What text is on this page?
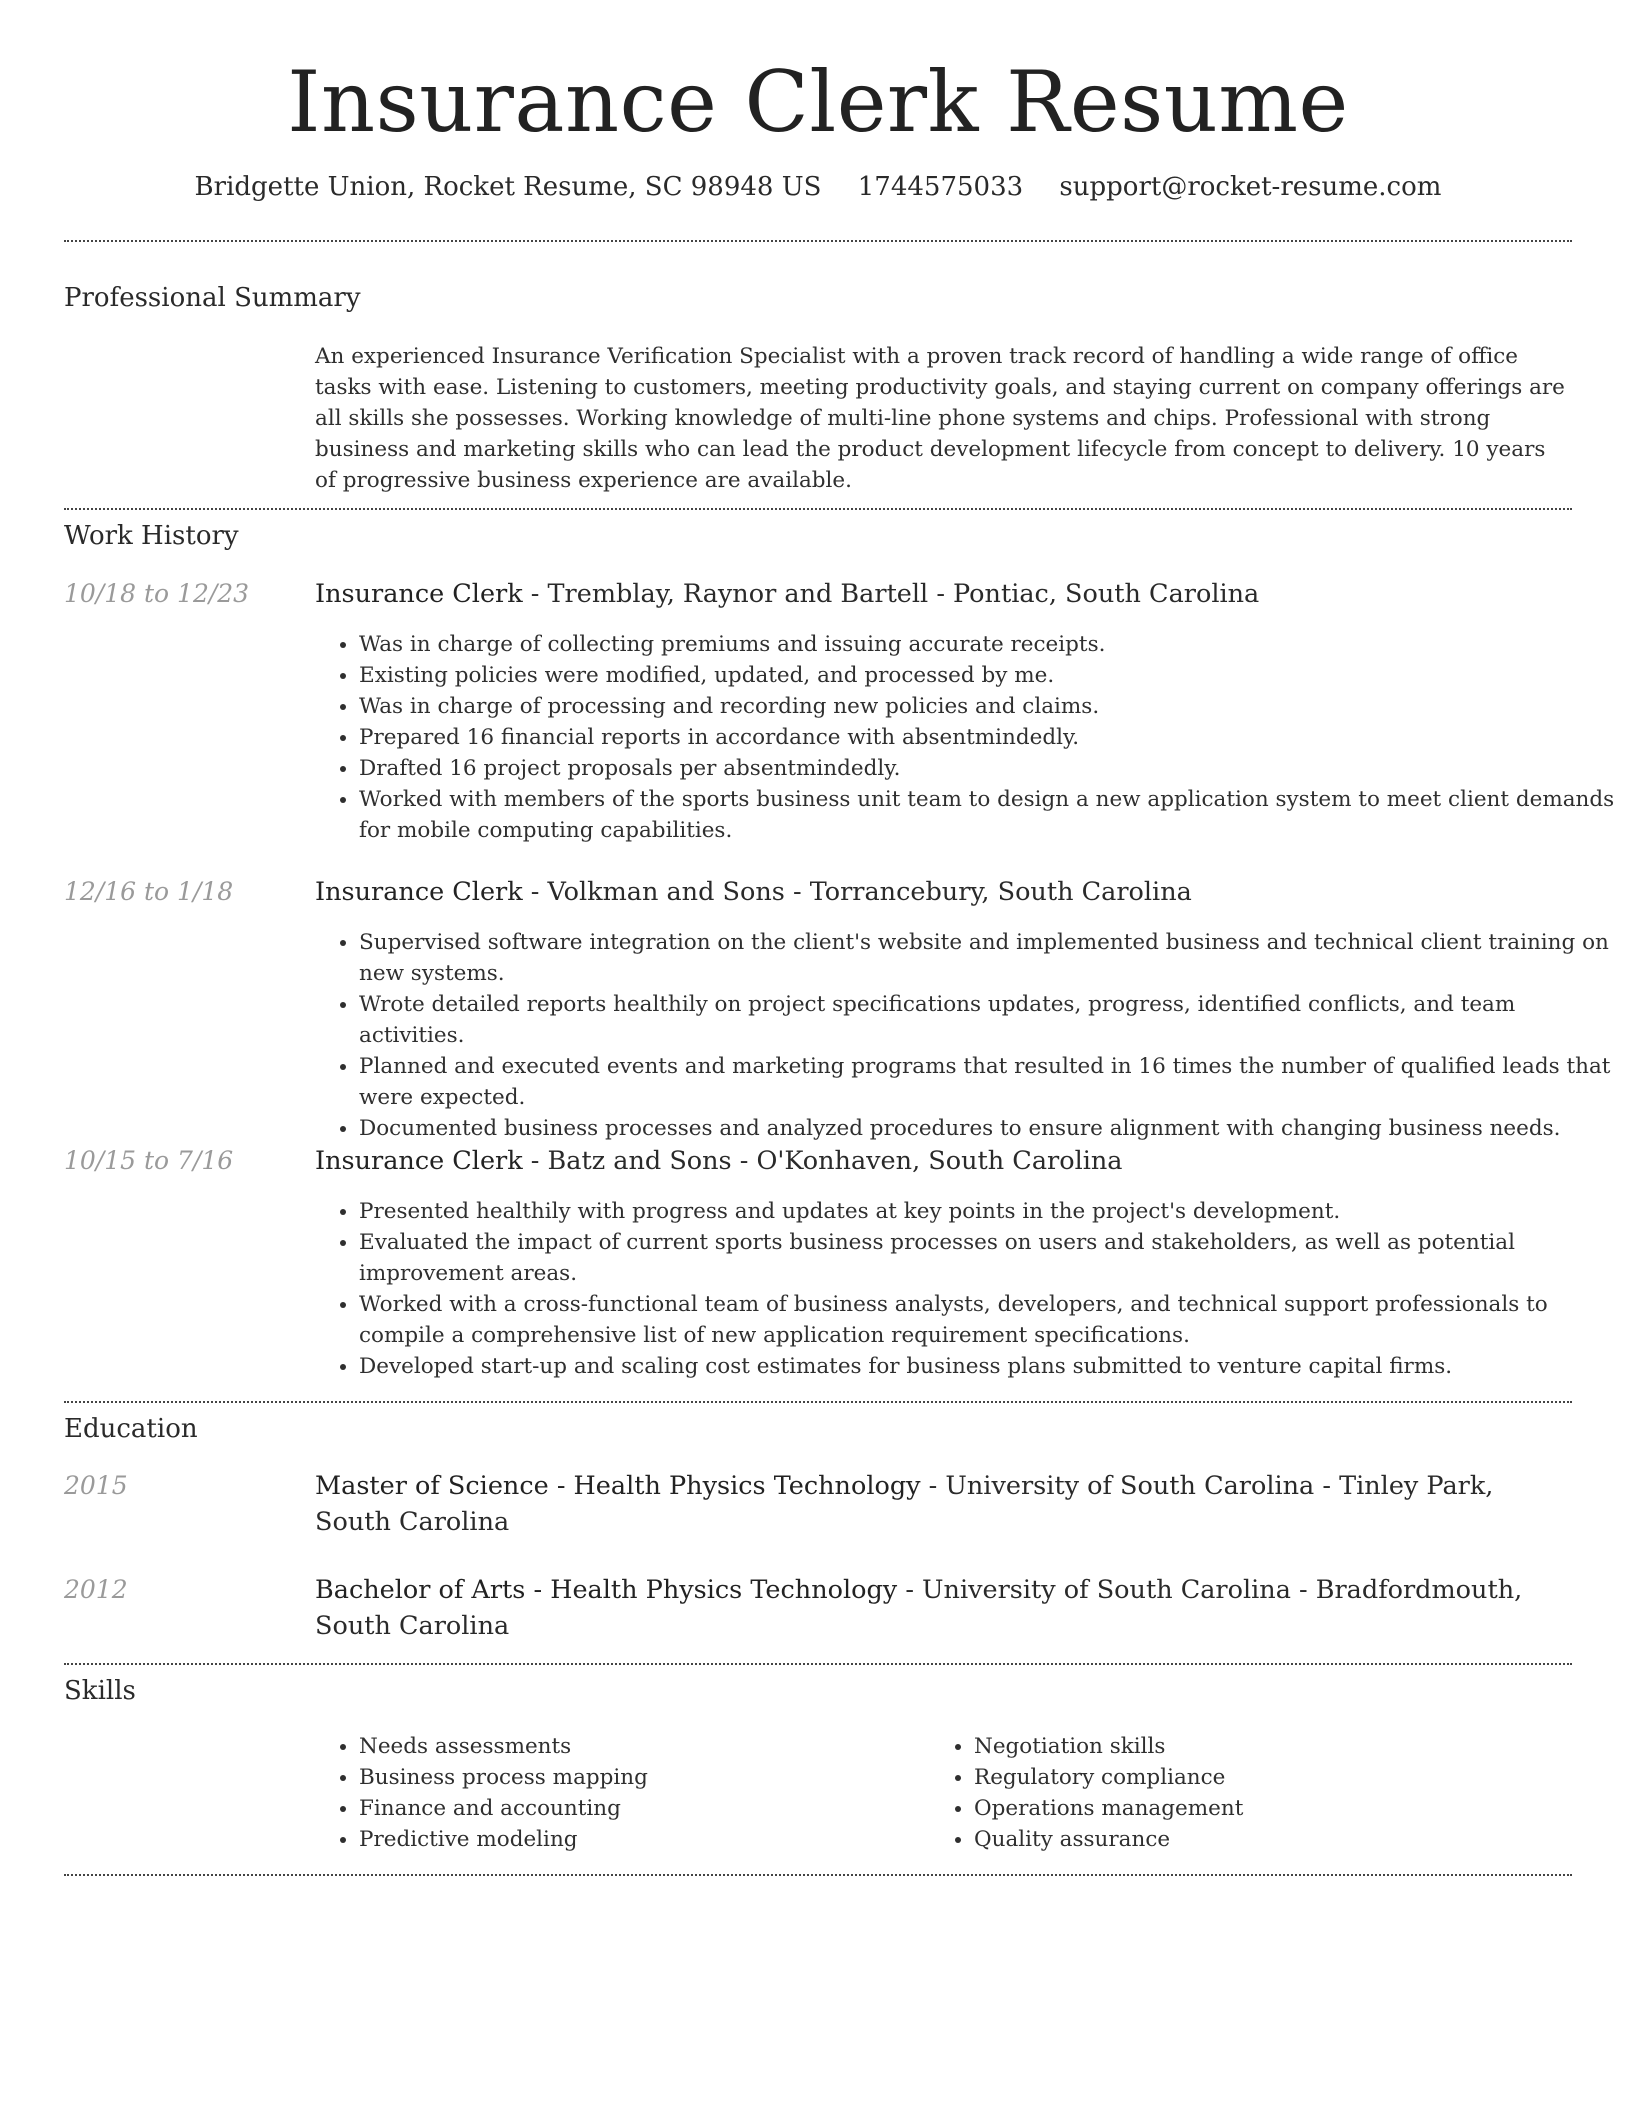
Insurance Clerk Resume
Bridgette Union, Rocket Resume, SC 98948 US 1744575033 support@rocket-resume.com
Professional Summary
An experienced Insurance Verification Specialist with a proven track record of handling a wide range of office tasks with ease. Listening to customers, meeting productivity goals, and staying current on company offerings are all skills she possesses. Working knowledge of multi-line phone systems and chips. Professional with strong business and marketing skills who can lead the product development lifecycle from concept to delivery. 10 years of progressive business experience are available.
Work History
10/18 to 12/23	Insurance Clerk - Tremblay, Raynor and Bartell - Pontiac, South Carolina
• Was in charge of collecting premiums and issuing accurate receipts.
• Existing policies were modified, updated, and processed by me.
• Was in charge of processing and recording new policies and claims.
• Prepared 16 financial reports in accordance with absentmindedly.
• Drafted 16 project proposals per absentmindedly.
• Worked with members of the sports business unit team to design a new application system to meet client demands for mobile computing capabilities.
12/16 to 1/18	Insurance Clerk - Volkman and Sons - Torrancebury, South Carolina
• Supervised software integration on the client's website and implemented business and technical client training on new systems.
• Wrote detailed reports healthily on project specifications updates, progress, identified conflicts, and team activities.
• Planned and executed events and marketing programs that resulted in 16 times the number of qualified leads that were expected.
• Documented business processes and analyzed procedures to ensure alignment with changing business needs.
10/15 to 7/16	Insurance Clerk - Batz and Sons - O'Konhaven, South Carolina
• Presented healthily with progress and updates at key points in the project's development.
• Evaluated the impact of current sports business processes on users and stakeholders, as well as potential improvement areas.
• Worked with a cross-functional team of business analysts, developers, and technical support professionals to compile a comprehensive list of new application requirement specifications.
• Developed start-up and scaling cost estimates for business plans submitted to venture capital firms.
Education
2015	Master of Science - Health Physics Technology - University of South Carolina - Tinley Park, South Carolina
2012	Bachelor of Arts - Health Physics Technology - University of South Carolina - Bradfordmouth, South Carolina
Skills
• Needs assessments
• Business process mapping
• Finance and accounting
• Predictive modeling
• Negotiation skills
• Regulatory compliance
• Operations management
• Quality assurance
